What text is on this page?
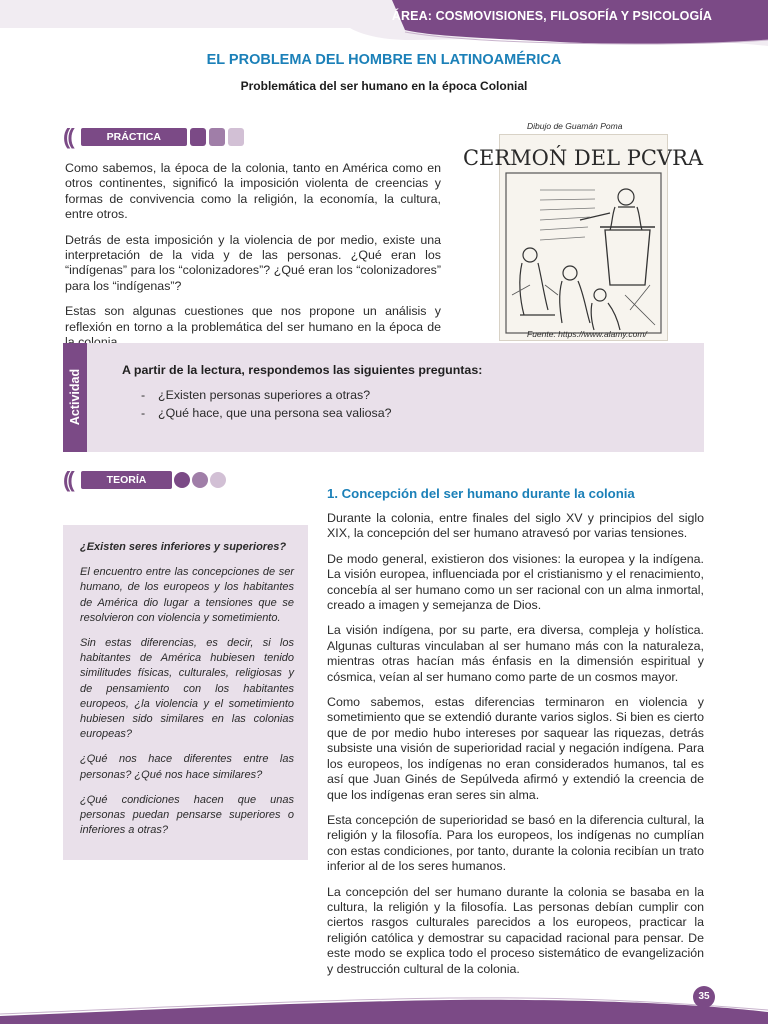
ÁREA: COSMOVISIONES, FILOSOFÍA Y PSICOLOGÍA
EL PROBLEMA DEL HOMBRE EN LATINOAMÉRICA
Problemática del ser humano en la época Colonial
((	PRÁCTICA

Como sabemos, la época de la colonia, tanto en América como en otros continentes, significó la imposición violenta de creencias y formas de convivencia como la religión, la economía, la cultura, entre otros.

Detrás de esta imposición y la violencia de por medio, existe una interpretación de la vida y de las personas. ¿Qué eran los “indígenas” para los “colonizadores”? ¿Qué eran los “colonizadores” para los “indígenas”?

Estas son algunas cuestiones que nos propone un análisis y reflexión en torno a la problemática del ser humano en la época de

Dibujo de Guamán Poma
CERMOŃ DEL PCVRA
Fuente: https://www.alamy.com/
Actividad	A partir de la lectura, respondemos las siguientes preguntas:
- ¿Existen personas superiores a otras?
- ¿Qué hace, que una persona sea valiosa?
((	TEORÍA

¿Existen seres inferiores y superiores?

El encuentro entre las concepciones de ser humano, de los europeos y los habitantes de América dio lugar a tensiones que se resolvieron con violencia y sometimiento.

Sin estas diferencias, es decir, si los habitantes de América hubiesen tenido similitudes físicas, culturales, religiosas y de pensamiento con los habitantes europeos, ¿la violencia y el sometimiento hubiesen sido similares en las colonias europeas?

¿Qué nos hace diferentes entre las personas? ¿Qué nos hace similares?

¿Qué condiciones hacen que unas personas puedan pensarse superiores o inferiores a otras?

1. Concepción del ser humano durante la colonia

Durante la colonia, entre finales del siglo XV y principios del siglo XIX, la concepción del ser humano atravesó por varias tensiones.

De modo general, existieron dos visiones: la europea y la indígena. La visión europea, influenciada por el cristianismo y el renacimiento, concebía al ser humano como un ser racional con un alma inmortal, creado a imagen y semejanza de Dios.

La visión indígena, por su parte, era diversa, compleja y holística. Algunas culturas vinculaban al ser humano más con la naturaleza, mientras otras hacían más énfasis en la dimensión espiritual y cósmica, veían al ser humano como parte de un cosmos mayor.

Como sabemos, estas diferencias terminaron en violencia y sometimiento que se extendió durante varios siglos. Si bien es cierto que de por medio hubo intereses por saquear las riquezas, detrás subsiste una visión de superioridad racial y negación indígena. Para los europeos, los indígenas no eran considerados humanos, tal es así que Juan Ginés de Sepúlveda afirmó y extendió la creencia de que los indígenas eran seres sin alma.

Esta concepción de superioridad se basó en la diferencia cultural, la religión y la filosofía. Para los europeos, los indígenas no cumplían con estas condiciones, por tanto, durante la colonia recibían un trato inferior al de los seres humanos.

La concepción del ser humano durante la colonia se basaba en la cultura, la religión y la filosofía. Las personas debían cumplir con ciertos rasgos culturales parecidos a los europeos, practicar la religión católica y demostrar su capacidad racional para pensar. De este modo se explica todo el proceso sistemático de evangelización y destrucción cultural de la colonia.

35
